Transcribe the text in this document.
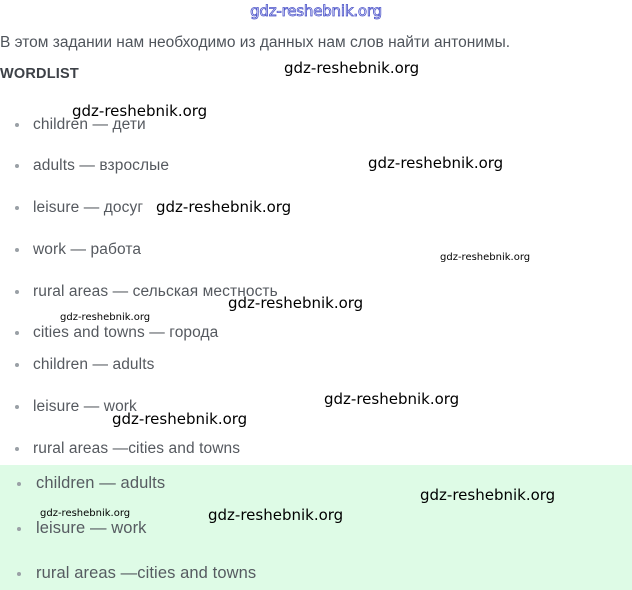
gdz-reshebnik.org
В этом задании нам необходимо из данных нам слов найти антонимы.
WORDLIST
children — дети
adults — взрослые
leisure — досуг
work — работа
rural areas — сельская местность
cities and towns — города
children — adults
leisure — work
rural areas —cities and towns
children — adults
leisure — work
rural areas —cities and towns
gdz-reshebnik.org
gdz-reshebnik.org
gdz-reshebnik.org
gdz-reshebnik.org
gdz-reshebnik.org
gdz-reshebnik.org
gdz-reshebnik.org
gdz-reshebnik.org
gdz-reshebnik.org
gdz-reshebnik.org
gdz-reshebnik.org	gdz-reshebnik.org
